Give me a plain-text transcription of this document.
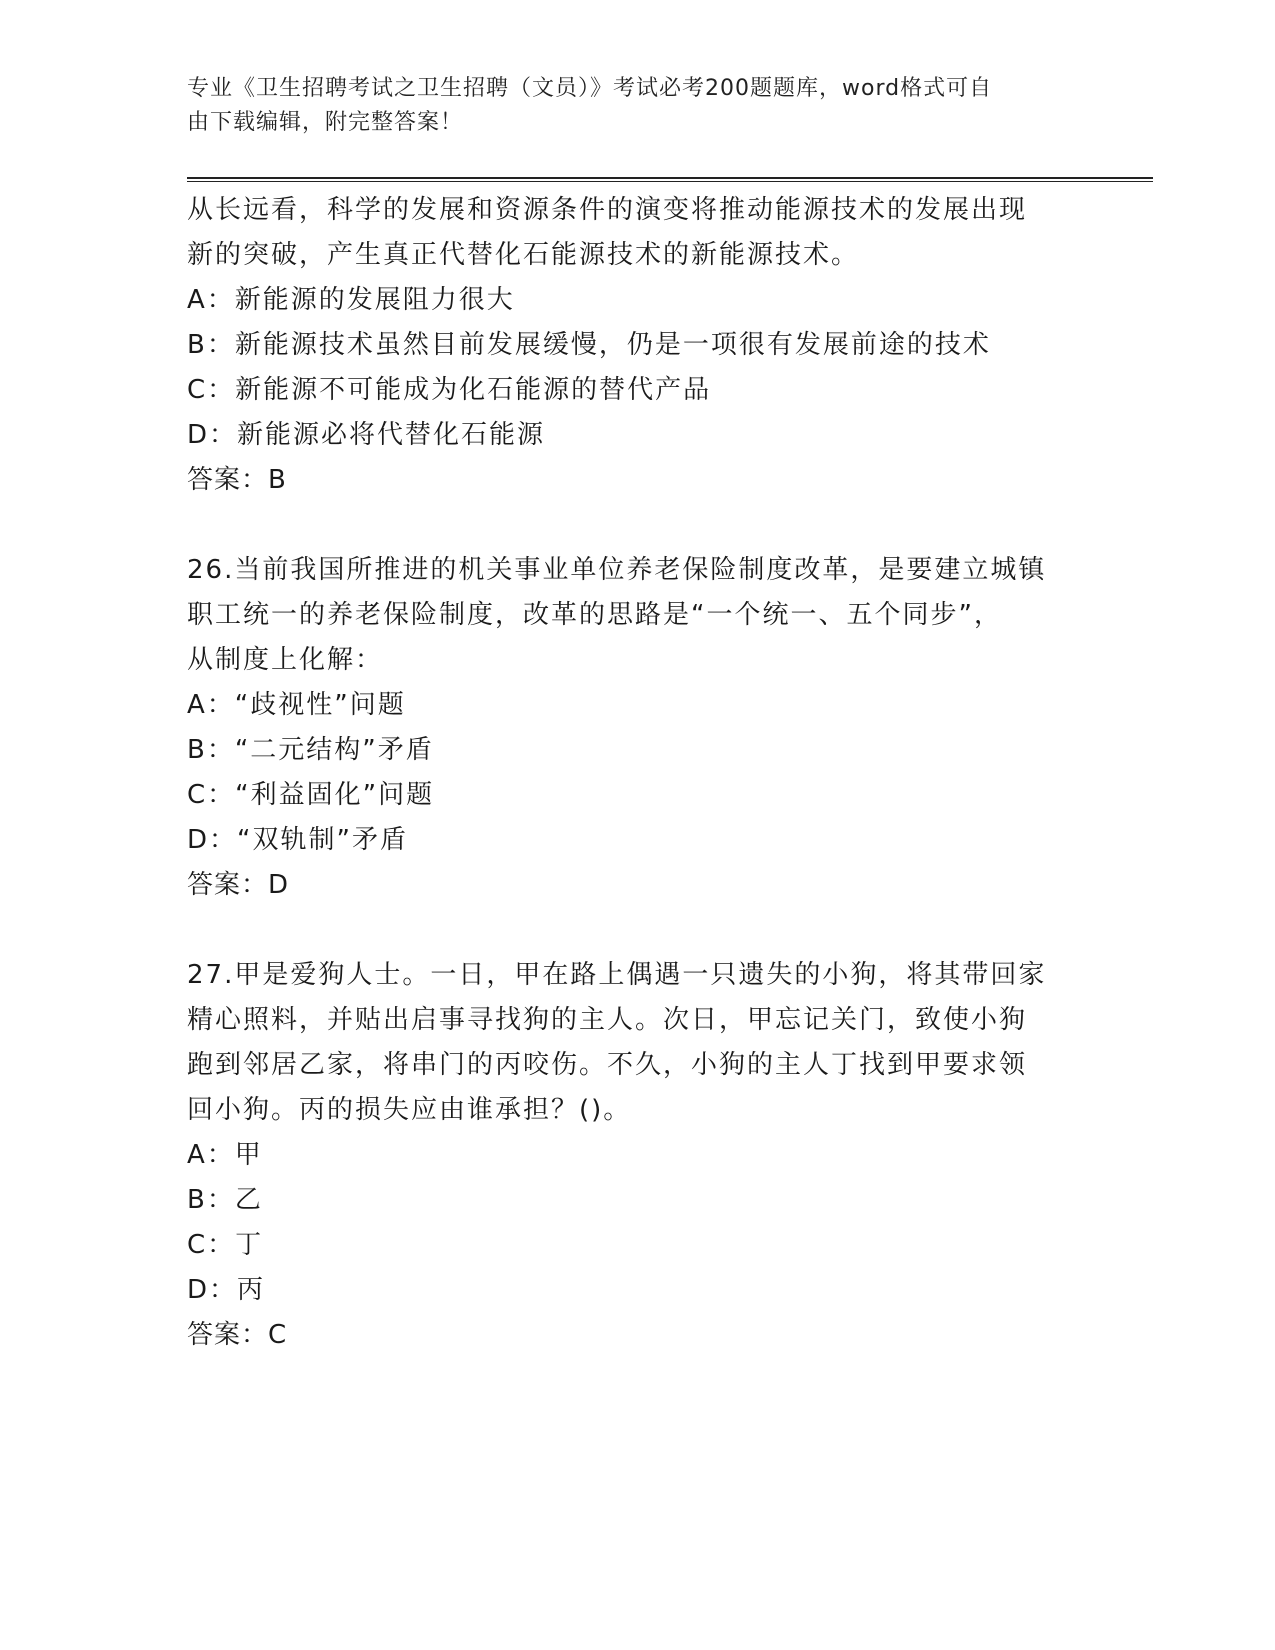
专业《卫生招聘考试之卫生招聘（文员）》考试必考200题题库，word格式可自
由下载编辑，附完整答案！
从长远看，科学的发展和资源条件的演变将推动能源技术的发展出现
新的突破，产生真正代替化石能源技术的新能源技术。
A：新能源的发展阻力很大
B：新能源技术虽然目前发展缓慢，仍是一项很有发展前途的技术
C：新能源不可能成为化石能源的替代产品
D：新能源必将代替化石能源
答案：B
26.当前我国所推进的机关事业单位养老保险制度改革，是要建立城镇
职工统一的养老保险制度，改革的思路是“一个统一、五个同步”，
从制度上化解：
A：“歧视性”问题
B：“二元结构”矛盾
C：“利益固化”问题
D：“双轨制”矛盾
答案：D
27.甲是爱狗人士。一日，甲在路上偶遇一只遗失的小狗，将其带回家
精心照料，并贴出启事寻找狗的主人。次日，甲忘记关门，致使小狗
跑到邻居乙家，将串门的丙咬伤。不久，小狗的主人丁找到甲要求领
回小狗。丙的损失应由谁承担？()。
A：甲
B：乙
C：丁
D：丙
答案：C
